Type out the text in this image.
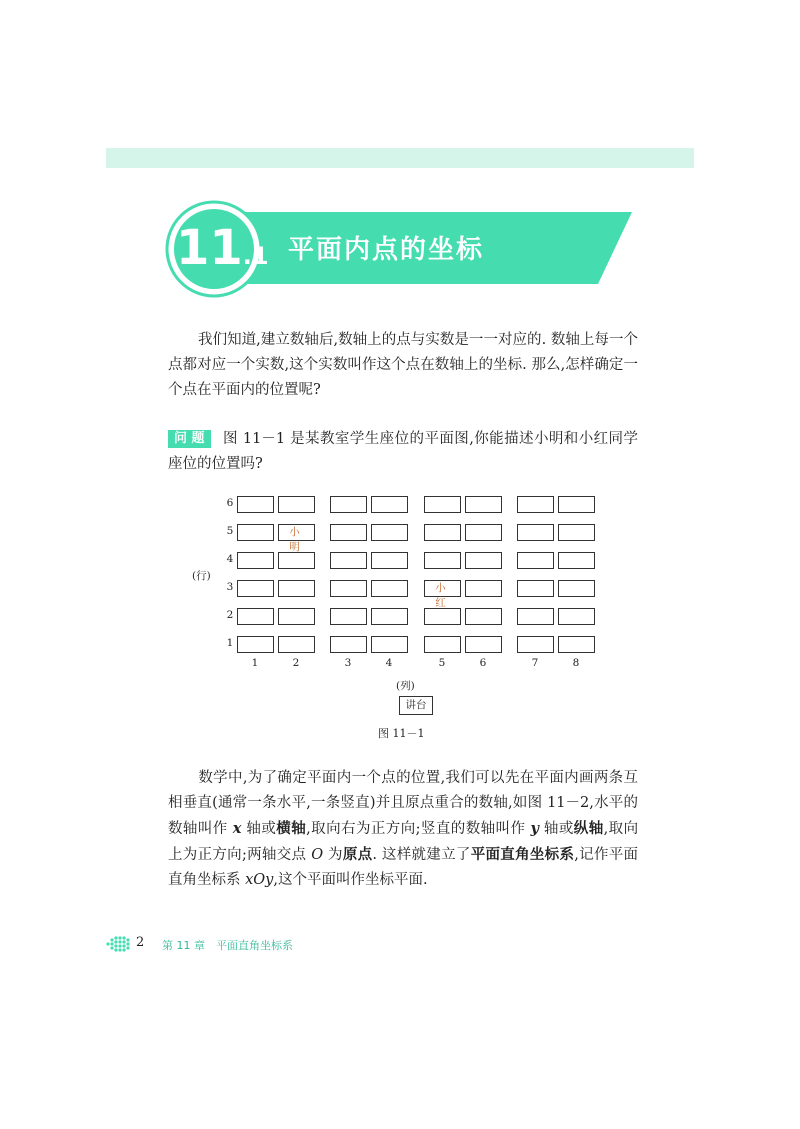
平面内点的坐标
11.1
我们知道,建立数轴后,数轴上的点与实数是一一对应的. 数轴上每一个点都对应一个实数,这个实数叫作这个点在数轴上的坐标. 那么,怎样确定一个点在平面内的位置呢?
问 题 图 11－1 是某教室学生座位的平面图,你能描述小明和小红同学座位的位置吗?
(行)
(列)
讲台
6
5
4
3
2
1
1	2	3	4	5	6	7	8
小 红
小 明
图 11－1
数学中,为了确定平面内一个点的位置,我们可以先在平面内画两条互相垂直(通常一条水平,一条竖直)并且原点重合的数轴,如图 11－2,水平的数轴叫作 x 轴或横轴,取向右为正方向;竖直的数轴叫作 y 轴或纵轴,取向上为正方向;两轴交点 O 为原点. 这样就建立了平面直角坐标系,记作平面直角坐标系 xOy,这个平面叫作坐标平面.
2 第 11 章　平面直角坐标系
